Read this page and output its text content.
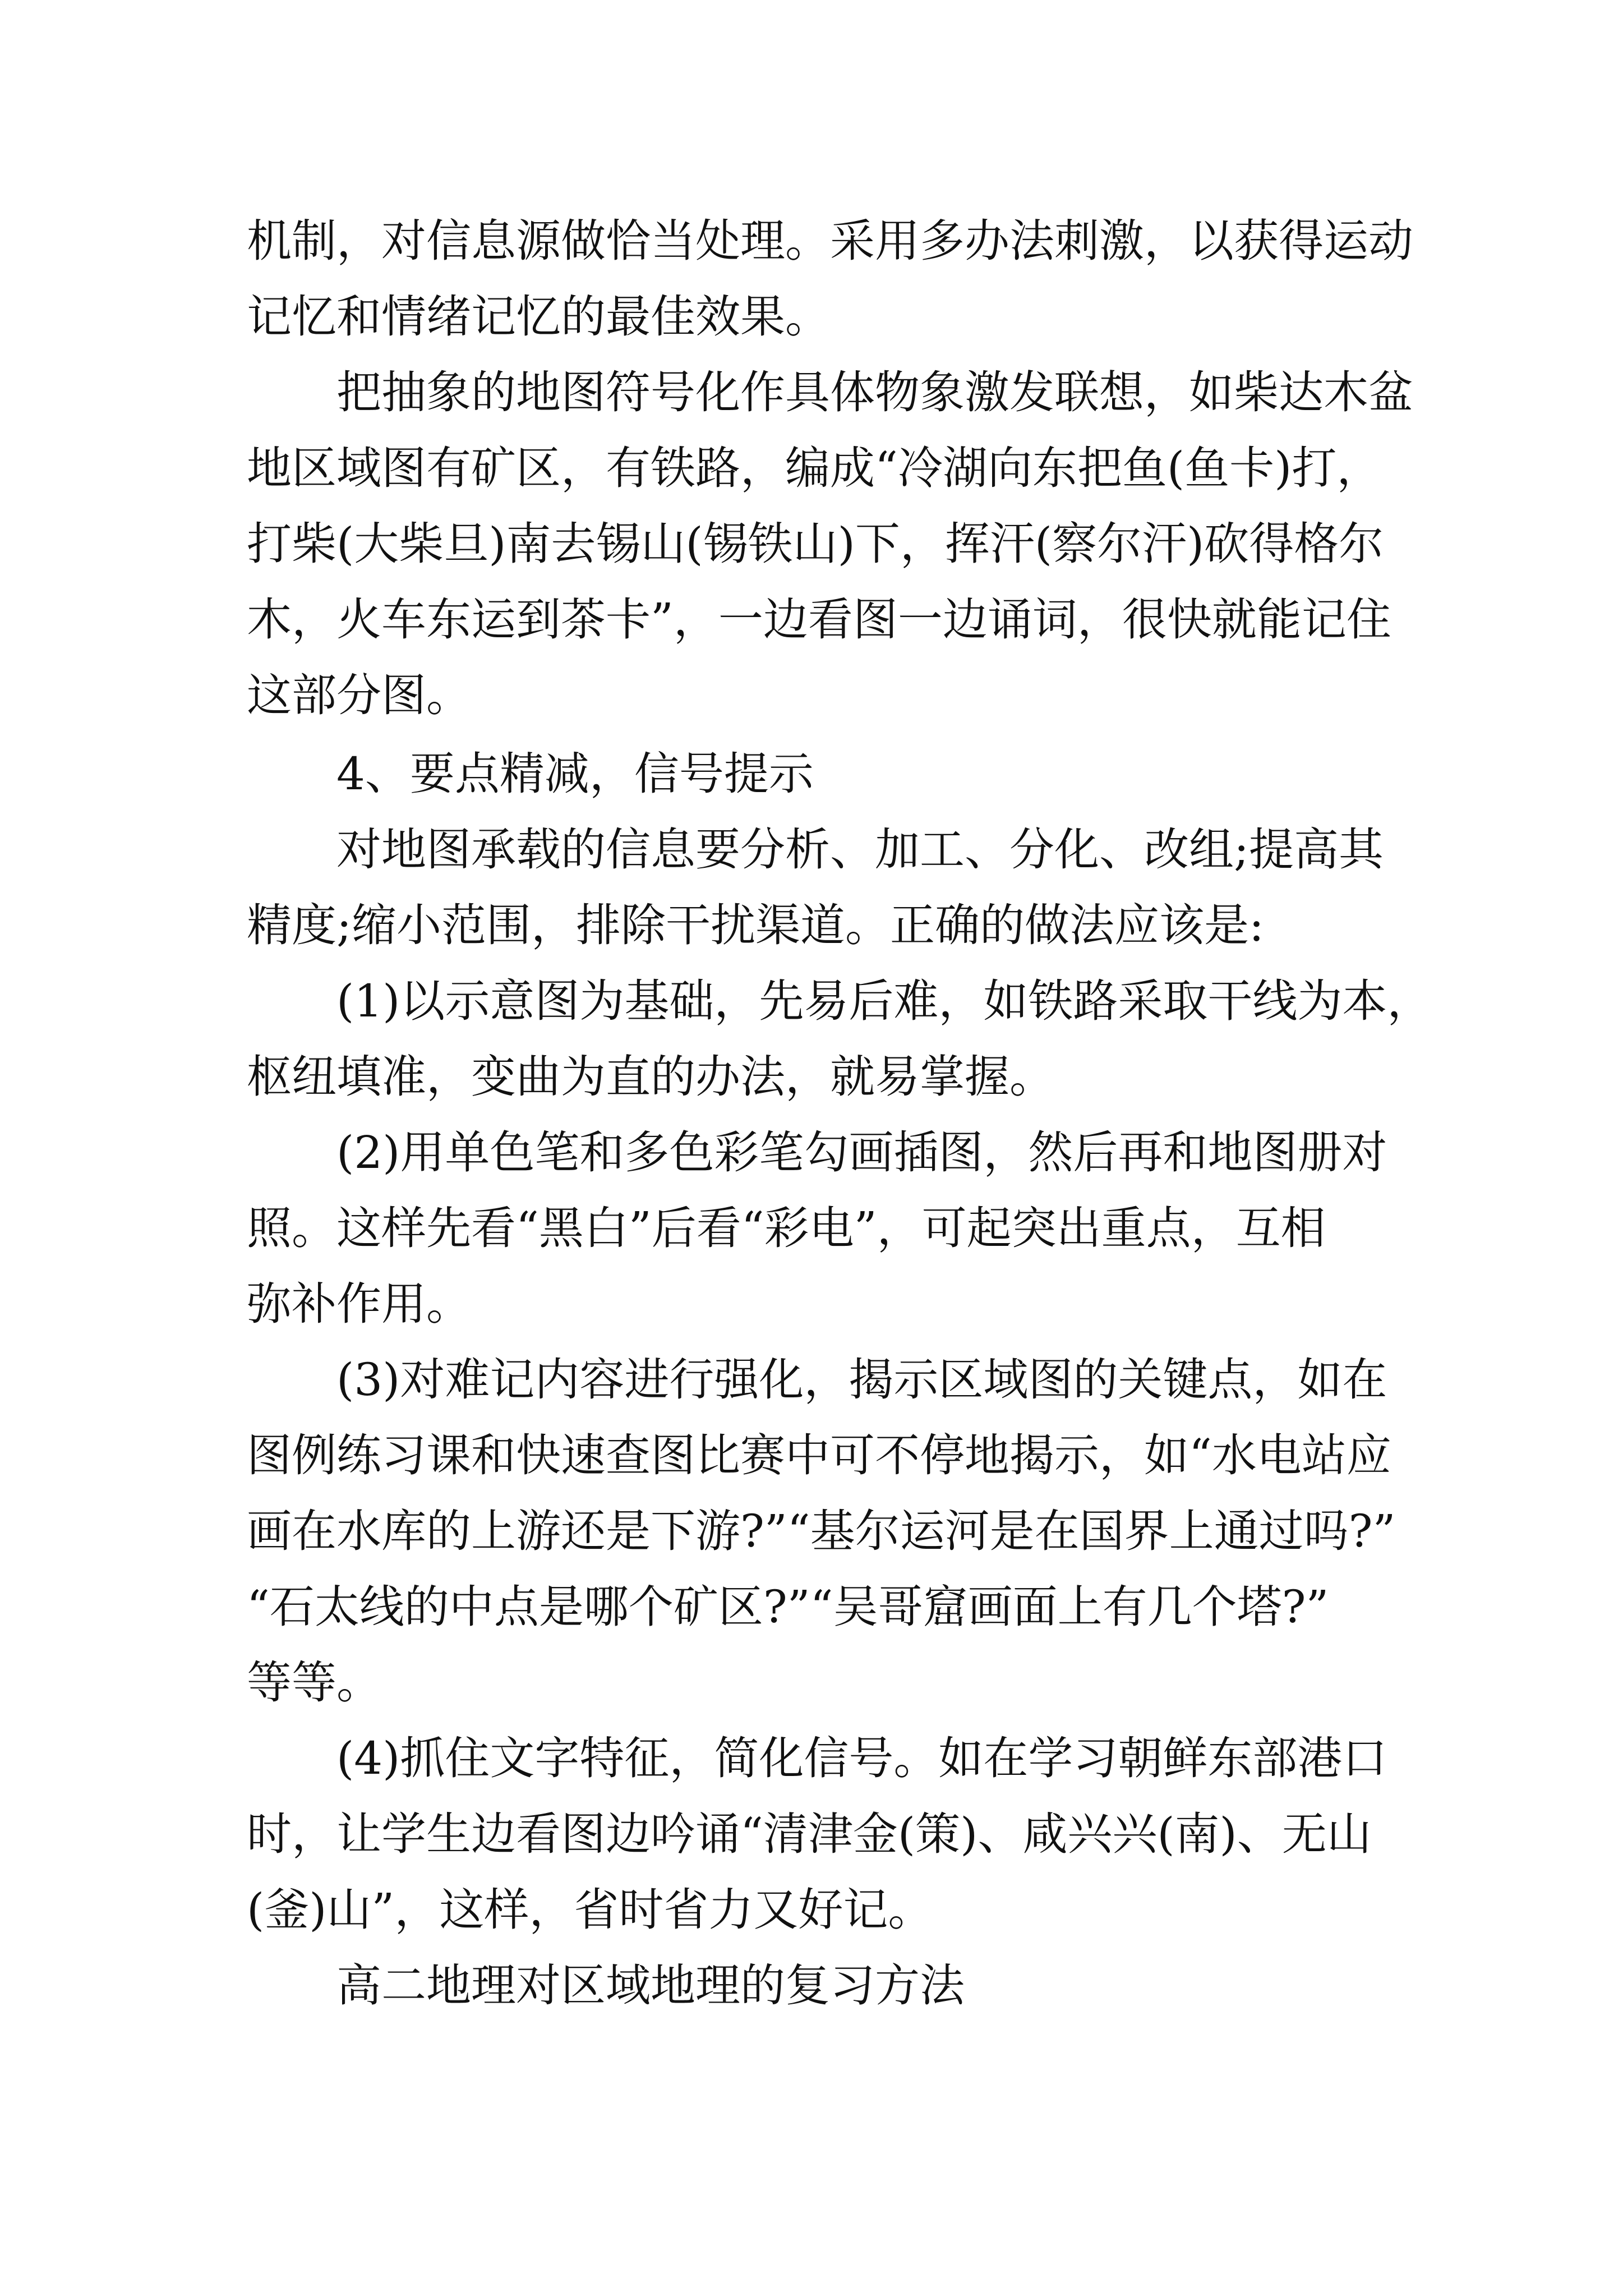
机制，对信息源做恰当处理。采用多办法刺激，以获得运动

记忆和情绪记忆的最佳效果。

把抽象的地图符号化作具体物象激发联想，如柴达木盆

地区域图有矿区，有铁路，编成“冷湖向东把鱼(鱼卡)打，

打柴(大柴旦)南去锡山(锡铁山)下，挥汗(察尔汗)砍得格尔

木，火车东运到茶卡”，一边看图一边诵词，很快就能记住

这部分图。

4、要点精减，信号提示

对地图承载的信息要分析、加工、分化、改组;提高其

精度;缩小范围，排除干扰渠道。正确的做法应该是:

(1)以示意图为基础，先易后难，如铁路采取干线为本，

枢纽填准，变曲为直的办法，就易掌握。

(2)用单色笔和多色彩笔勾画插图，然后再和地图册对

照。这样先看“黑白”后看“彩电”，可起突出重点，互相

弥补作用。

(3)对难记内容进行强化，揭示区域图的关键点，如在

图例练习课和快速查图比赛中可不停地揭示，如“水电站应

画在水库的上游还是下游?”“基尔运河是在国界上通过吗?”

“石太线的中点是哪个矿区?”“吴哥窟画面上有几个塔?”

等等。

(4)抓住文字特征，简化信号。如在学习朝鲜东部港口

时，让学生边看图边吟诵“清津金(策)、咸兴兴(南)、无山

(釜)山”，这样，省时省力又好记。

高二地理对区域地理的复习方法
